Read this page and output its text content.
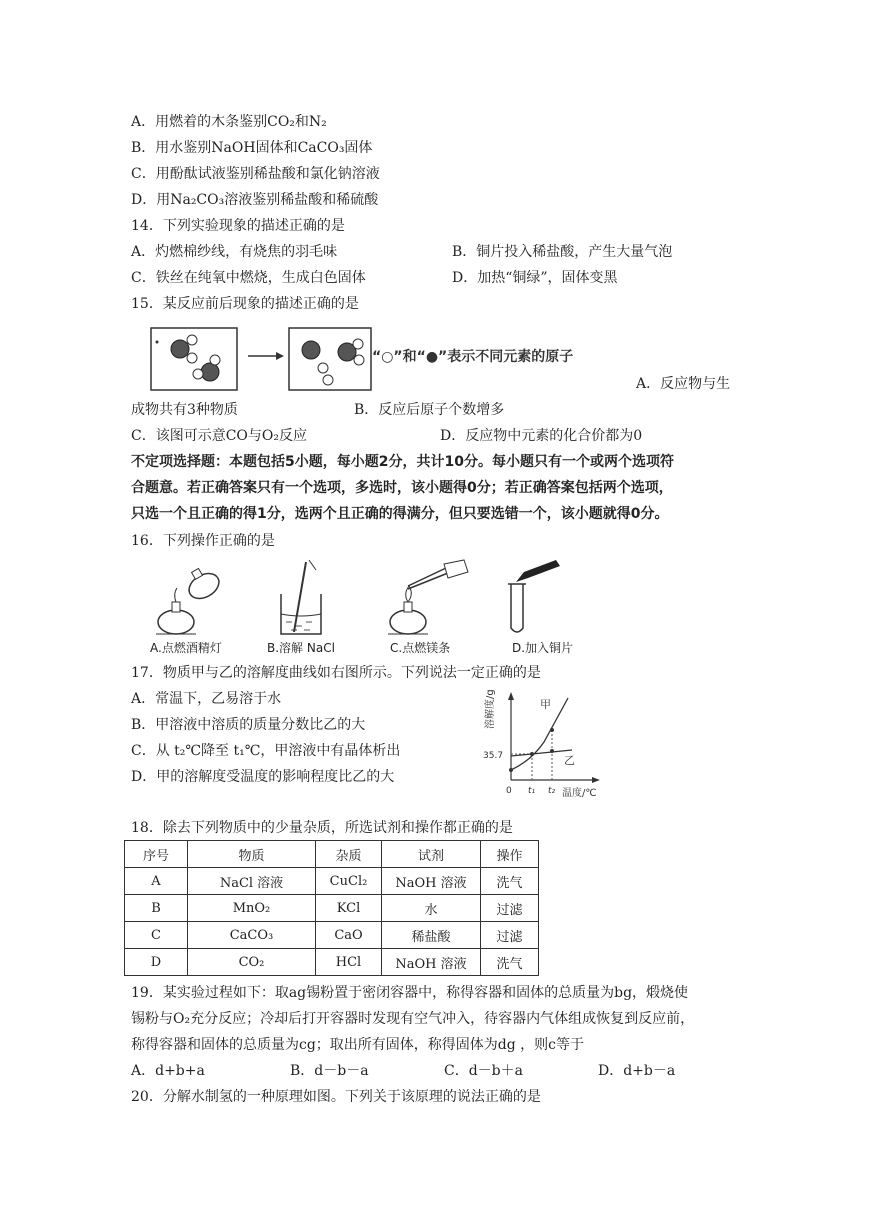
A．用燃着的木条鉴别CO₂和N₂
B．用水鉴别NaOH固体和CaCO₃固体
C．用酚酞试液鉴别稀盐酸和氯化钠溶液
D．用Na₂CO₃溶液鉴别稀盐酸和稀硫酸
14．下列实验现象的描述正确的是
A．灼燃棉纱线，有烧焦的羽毛味	B．铜片投入稀盐酸，产生大量气泡
C．铁丝在纯氧中燃烧，生成白色固体	D．加热“铜绿”，固体变黑
15．某反应前后现象的描述正确的是
“○”和“●”表示不同元素的原子
A．反应物与生
成物共有3种物质	B．反应后原子个数增多
C．该图可示意CO与O₂反应	D．反应物中元素的化合价都为0
不定项选择题：本题包括5小题，每小题2分，共计10分。每小题只有一个或两个选项符
合题意。若正确答案只有一个选项，多选时，该小题得0分；若正确答案包括两个选项，
只选一个且正确的得1分，选两个且正确的得满分，但只要选错一个，该小题就得0分。
16．下列操作正确的是
A.点燃酒精灯	B.溶解 NaCl	C.点燃镁条	D.加入铜片
17．物质甲与乙的溶解度曲线如右图所示。下列说法一定正确的是
A．常温下，乙易溶于水
B．甲溶液中溶质的质量分数比乙的大
C．从 t₂℃降至 t₁℃，甲溶液中有晶体析出
D．甲的溶解度受温度的影响程度比乙的大
溶解度/g
35.7
0 t₁ t₂ 温度/℃
甲
乙
18．除去下列物质中的少量杂质，所选试剂和操作都正确的是
序号	物质	杂质	试剂	操作
A	NaCl 溶液	CuCl₂	NaOH 溶液	洗气
B	MnO₂	KCl	水	过滤
C	CaCO₃	CaO	稀盐酸	过滤
D	CO₂	HCl	NaOH 溶液	洗气
19．某实验过程如下：取ag锡粉置于密闭容器中，称得容器和固体的总质量为bg，煅烧使
锡粉与O₂充分反应；冷却后打开容器时发现有空气冲入，待容器内气体组成恢复到反应前，
称得容器和固体的总质量为cg；取出所有固体，称得固体为dg ，则c等于
A．d+b+a	B．d－b－a	C．d－b＋a	D．d+b－a
20．分解水制氢的一种原理如图。下列关于该原理的说法正确的是
